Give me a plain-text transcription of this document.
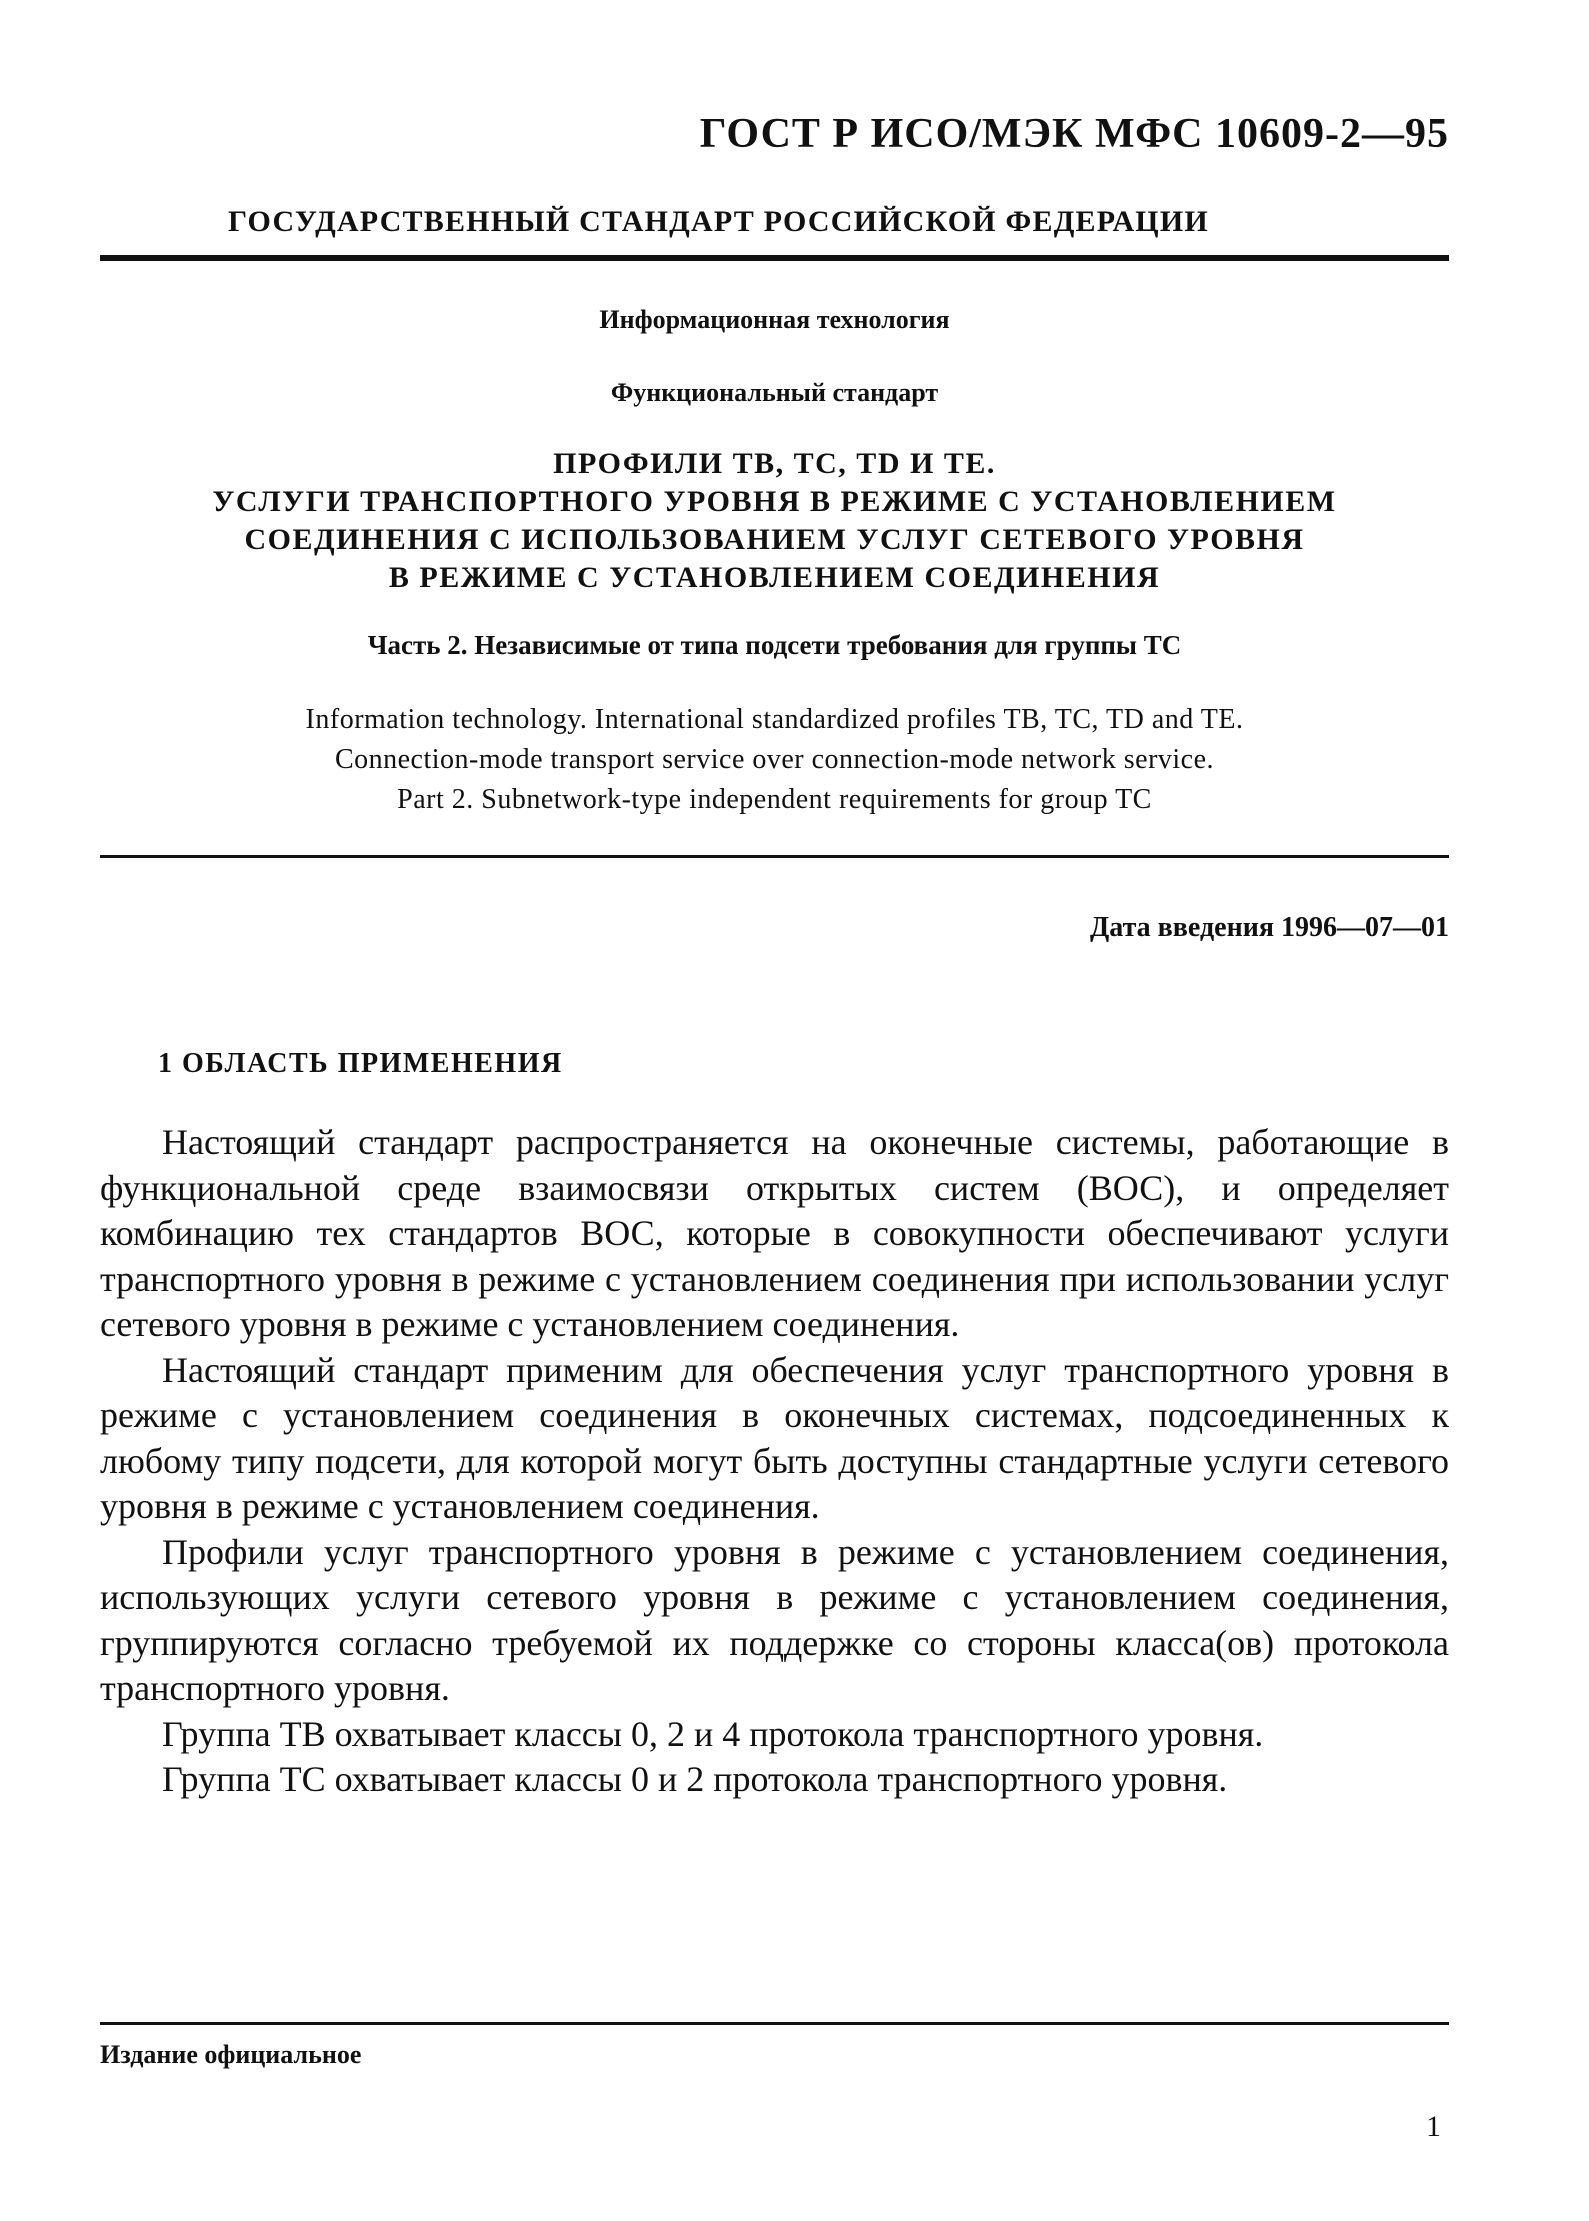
ГОСТ Р ИСО/МЭК МФС 10609-2—95
ГОСУДАРСТВЕННЫЙ СТАНДАРТ РОССИЙСКОЙ ФЕДЕРАЦИИ
Информационная технология
Функциональный стандарт
ПРОФИЛИ ТВ, ТС, TD И ТЕ.
УСЛУГИ ТРАНСПОРТНОГО УРОВНЯ В РЕЖИМЕ С УСТАНОВЛЕНИЕМ
СОЕДИНЕНИЯ С ИСПОЛЬЗОВАНИЕМ УСЛУГ СЕТЕВОГО УРОВНЯ
В РЕЖИМЕ С УСТАНОВЛЕНИЕМ СОЕДИНЕНИЯ
Часть 2. Независимые от типа подсети требования для группы ТС
Information technology. International standardized profiles TB, TC, TD and TE.
Connection-mode transport service over connection-mode network service.
Part 2. Subnetwork-type independent requirements for group TC
Дата введения 1996—07—01
1 ОБЛАСТЬ ПРИМЕНЕНИЯ

Настоящий стандарт распространяется на оконечные системы, работающие в функциональной среде взаимосвязи открытых систем (ВОС), и определяет комбинацию тех стандартов ВОС, которые в совокупности обеспечивают услуги транспортного уровня в режиме с установлением соединения при использовании услуг сетевого уровня в режиме с установлением соединения.

Настоящий стандарт применим для обеспечения услуг транспортного уровня в режиме с установлением соединения в оконечных системах, подсоединенных к любому типу подсети, для которой могут быть доступны стандартные услуги сетевого уровня в режиме с установлением соединения.

Профили услуг транспортного уровня в режиме с установлением соединения, использующих услуги сетевого уровня в режиме с установлением соединения, группируются согласно требуемой их поддержке со стороны класса(ов) протокола транспортного уровня.

Группа ТВ охватывает классы 0, 2 и 4 протокола транспортного уровня.

Группа ТС охватывает классы 0 и 2 протокола транспортного уровня.

Издание официальное
1
